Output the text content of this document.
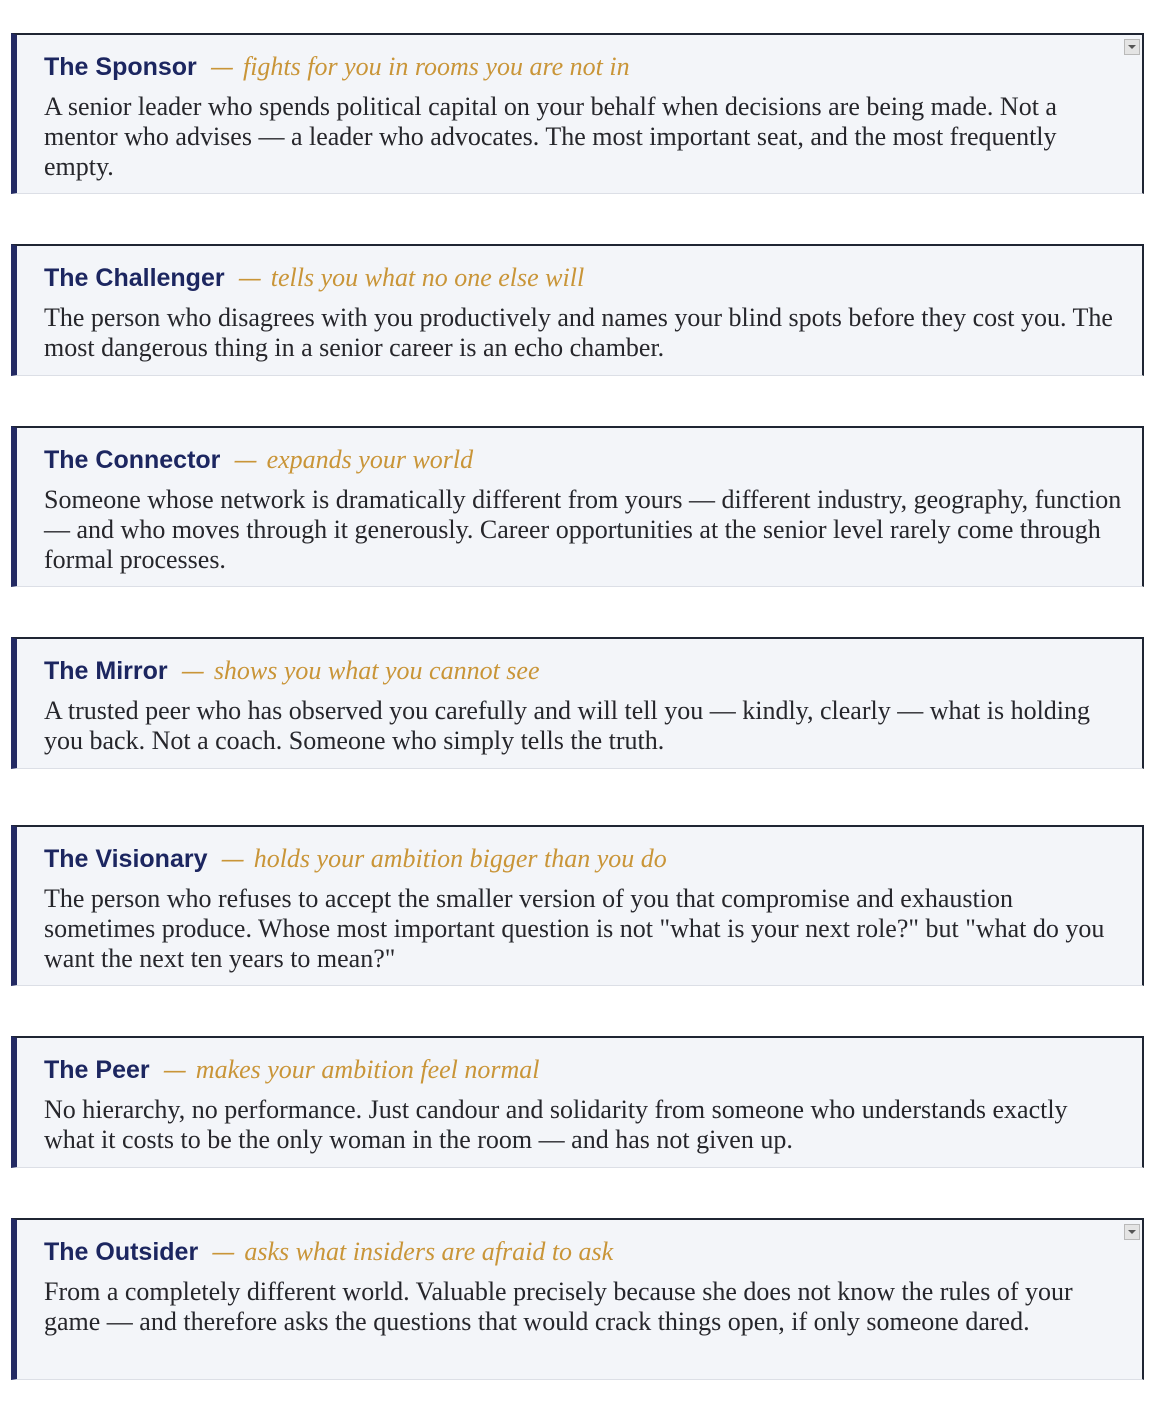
The Sponsor — fights for you in rooms you are not in

A senior leader who spends political capital on your behalf when decisions are being made. Not a mentor who advises — a leader who advocates. The most important seat, and the most frequently empty.

The Challenger — tells you what no one else will

The person who disagrees with you productively and names your blind spots before they cost you. The most dangerous thing in a senior career is an echo chamber.

The Connector — expands your world

Someone whose network is dramatically different from yours — different industry, geography, function — and who moves through it generously. Career opportunities at the senior level rarely come through formal processes.

The Mirror — shows you what you cannot see

A trusted peer who has observed you carefully and will tell you — kindly, clearly — what is holding you back. Not a coach. Someone who simply tells the truth.

The Visionary — holds your ambition bigger than you do

The person who refuses to accept the smaller version of you that compromise and exhaustion sometimes produce. Whose most important question is not "what is your next role?" but "what do you want the next ten years to mean?"

The Peer — makes your ambition feel normal

No hierarchy, no performance. Just candour and solidarity from someone who understands exactly what it costs to be the only woman in the room — and has not given up.

The Outsider — asks what insiders are afraid to ask

From a completely different world. Valuable precisely because she does not know the rules of your game — and therefore asks the questions that would crack things open, if only someone dared.
